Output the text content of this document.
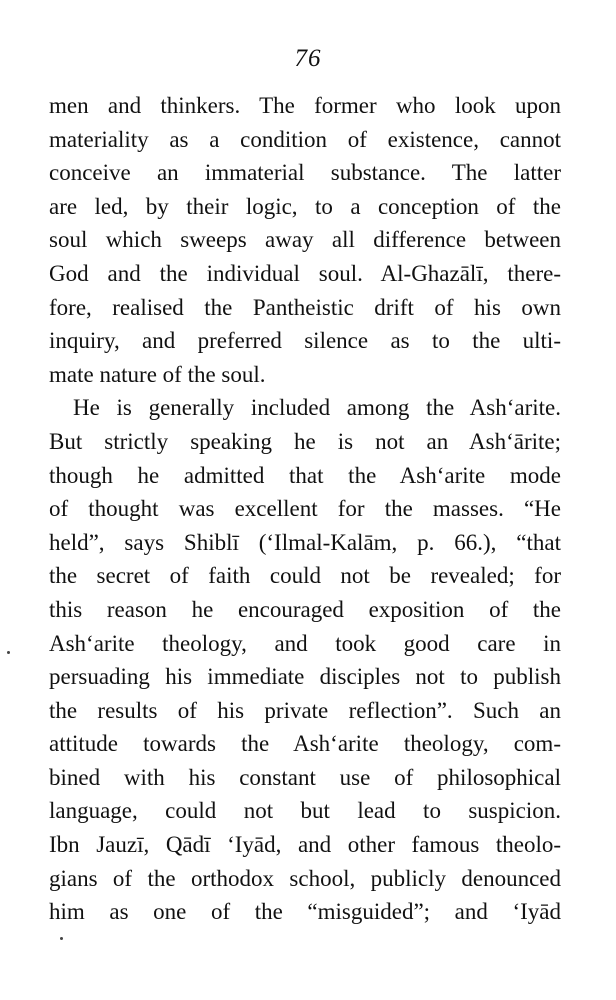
76
men and thinkers. The former who look upon
materiality as a condition of existence, cannot
conceive an immaterial substance. The latter
are led, by their logic, to a conception of the
soul which sweeps away all difference between
God and the individual soul. Al-Ghazālī, there-
fore, realised the Pantheistic drift of his own
inquiry, and preferred silence as to the ulti-
mate nature of the soul.
He is generally included among the Ash‘arite.
But strictly speaking he is not an Ash‘ārite;
though he admitted that the Ash‘arite mode
of thought was excellent for the masses. “He
held”, says Shiblī (‘Ilmal-Kalām, p. 66.), “that
the secret of faith could not be revealed; for
this reason he encouraged exposition of the
Ash‘arite theology, and took good care in
persuading his immediate disciples not to publish
the results of his private reflection”. Such an
attitude towards the Ash‘arite theology, com-
bined with his constant use of philosophical
language, could not but lead to suspicion.
Ibn Jauzī, Qādī ‘Iyād, and other famous theolo-
gians of the orthodox school, publicly denounced
him as one of the “misguided”; and ‘Iyād
